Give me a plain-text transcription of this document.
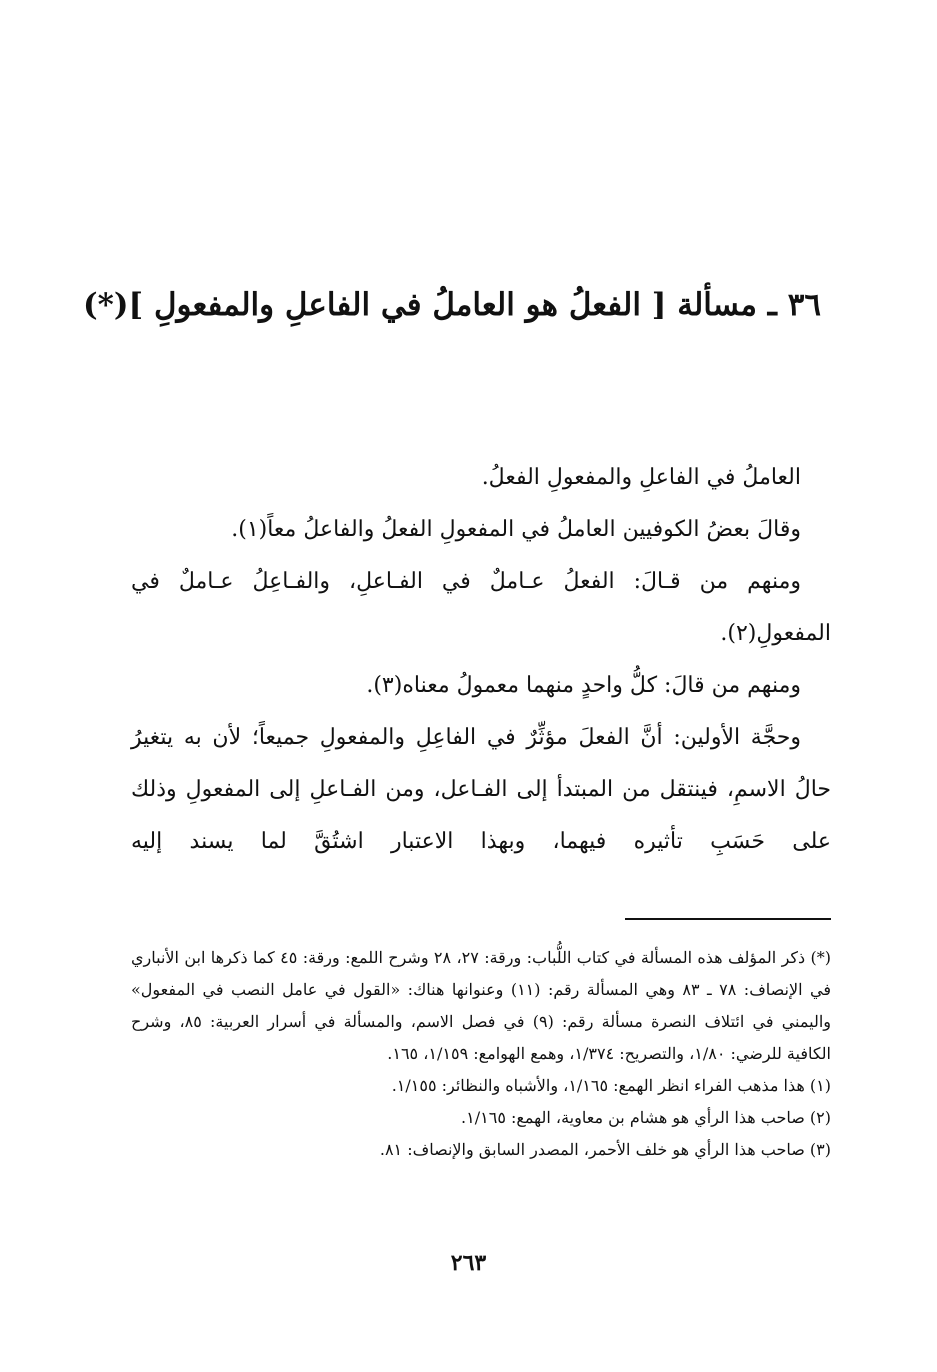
٣٦ ـ مسألة [ الفعلُ هو العاملُ في الفاعلِ والمفعولِ ](*)

العاملُ في الفاعلِ والمفعولِ الفعلُ.

وقالَ بعضُ الكوفيين العاملُ في المفعولِ الفعلُ والفاعلُ معاً(١).

ومنهم من قـالَ: الفعلُ عـاملٌ في الفـاعلِ، والفـاعِلُ عـاملٌ في المفعولِ(٢).

ومنهم من قالَ: كلُّ واحدٍ منهما معمولُ معناه(٣).

وحجَّة الأولين: أنَّ الفعلَ مؤثِّرٌ في الفاعِلِ والمفعولِ جميعاً؛ لأن به يتغيرُ حالُ الاسمِ، فينتقل من المبتدأ إلى الفـاعل، ومن الفـاعلِ إلى المفعولِ وذلك على حَسَبِ تأثيره فيهما، وبهذا الاعتبار اشتُقَّ لما يسند إليه

(*) ذكر المؤلف هذه المسألة في كتاب اللُّباب: ورقة: ٢٧، ٢٨ وشرح اللمع: ورقة: ٤٥ كما ذكرها ابن الأنباري في الإنصاف: ٧٨ ـ ٨٣ وهي المسألة رقم: (١١) وعنوانها هناك: «القول في عامل النصب في المفعول» واليمني في ائتلاف النصرة مسألة رقم: (٩) في فصل الاسم، والمسألة في أسرار العربية: ٨٥، وشرح الكافية للرضي: ١/٨٠، والتصريح: ١/٣٧٤، وهمع الهوامع: ١/١٥٩، ١٦٥.

(١) هذا مذهب الفراء انظر الهمع: ١/١٦٥، والأشباه والنظائر: ١/١٥٥.

(٢) صاحب هذا الرأي هو هشام بن معاوية، الهمع: ١/١٦٥.

(٣) صاحب هذا الرأي هو خلف الأحمر، المصدر السابق والإنصاف: ٨١.

٢٦٣
